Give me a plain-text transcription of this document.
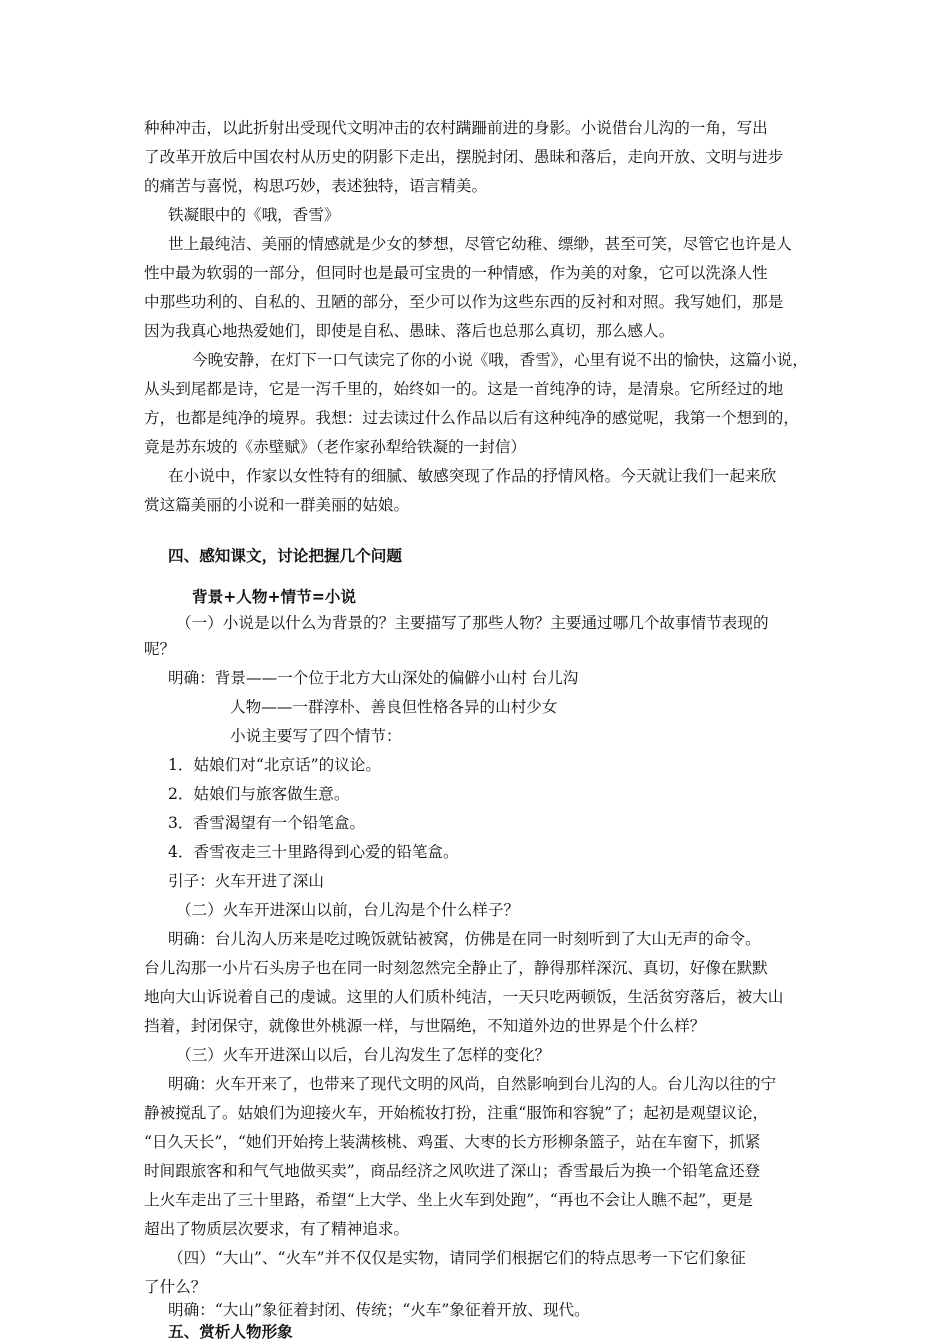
种种冲击，以此折射出受现代文明冲击的农村蹒跚前进的身影。小说借台儿沟的一角，写出
了改革开放后中国农村从历史的阴影下走出，摆脱封闭、愚昧和落后，走向开放、文明与进步
的痛苦与喜悦，构思巧妙，表述独特，语言精美。
铁凝眼中的《哦，香雪》
世上最纯洁、美丽的情感就是少女的梦想，尽管它幼稚、缥缈，甚至可笑，尽管它也许是人
性中最为软弱的一部分，但同时也是最可宝贵的一种情感，作为美的对象，它可以洗涤人性
中那些功利的、自私的、丑陋的部分，至少可以作为这些东西的反衬和对照。我写她们，那是
因为我真心地热爱她们，即使是自私、愚昧、落后也总那么真切，那么感人。
今晚安静，在灯下一口气读完了你的小说《哦，香雪》，心里有说不出的愉快，这篇小说，
从头到尾都是诗，它是一泻千里的，始终如一的。这是一首纯净的诗，是清泉。它所经过的地
方，也都是纯净的境界。我想：过去读过什么作品以后有这种纯净的感觉呢，我第一个想到的，
竟是苏东坡的《赤壁赋》（老作家孙犁给铁凝的一封信）
在小说中，作家以女性特有的细腻、敏感突现了作品的抒情风格。今天就让我们一起来欣
赏这篇美丽的小说和一群美丽的姑娘。
四、感知课文，讨论把握几个问题
背景+人物+情节=小说
（一）小说是以什么为背景的？主要描写了那些人物？主要通过哪几个故事情节表现的
呢？
明确：背景——一个位于北方大山深处的偏僻小山村 台儿沟
人物——一群淳朴、善良但性格各异的山村少女
小说主要写了四个情节：
1．姑娘们对“北京话”的议论。
2．姑娘们与旅客做生意。
3．香雪渴望有一个铅笔盒。
4．香雪夜走三十里路得到心爱的铅笔盒。
引子：火车开进了深山
（二）火车开进深山以前，台儿沟是个什么样子？
明确：台儿沟人历来是吃过晚饭就钻被窝，仿佛是在同一时刻听到了大山无声的命令。
台儿沟那一小片石头房子也在同一时刻忽然完全静止了，静得那样深沉、真切，好像在默默
地向大山诉说着自己的虔诚。这里的人们质朴纯洁，一天只吃两顿饭，生活贫穷落后，被大山
挡着，封闭保守，就像世外桃源一样，与世隔绝，不知道外边的世界是个什么样？
（三）火车开进深山以后，台儿沟发生了怎样的变化？
明确：火车开来了，也带来了现代文明的风尚，自然影响到台儿沟的人。台儿沟以往的宁
静被搅乱了。姑娘们为迎接火车，开始梳妆打扮，注重“服饰和容貌”了；起初是观望议论，
“日久天长”，“她们开始挎上装满核桃、鸡蛋、大枣的长方形柳条篮子，站在车窗下，抓紧
时间跟旅客和和气气地做买卖”，商品经济之风吹进了深山；香雪最后为换一个铅笔盒还登
上火车走出了三十里路，希望“上大学、坐上火车到处跑”，“再也不会让人瞧不起”，更是
超出了物质层次要求，有了精神追求。
（四）“大山”、“火车”并不仅仅是实物，请同学们根据它们的特点思考一下它们象征
了什么？
明确：“大山”象征着封闭、传统；“火车”象征着开放、现代。
五、赏析人物形象
